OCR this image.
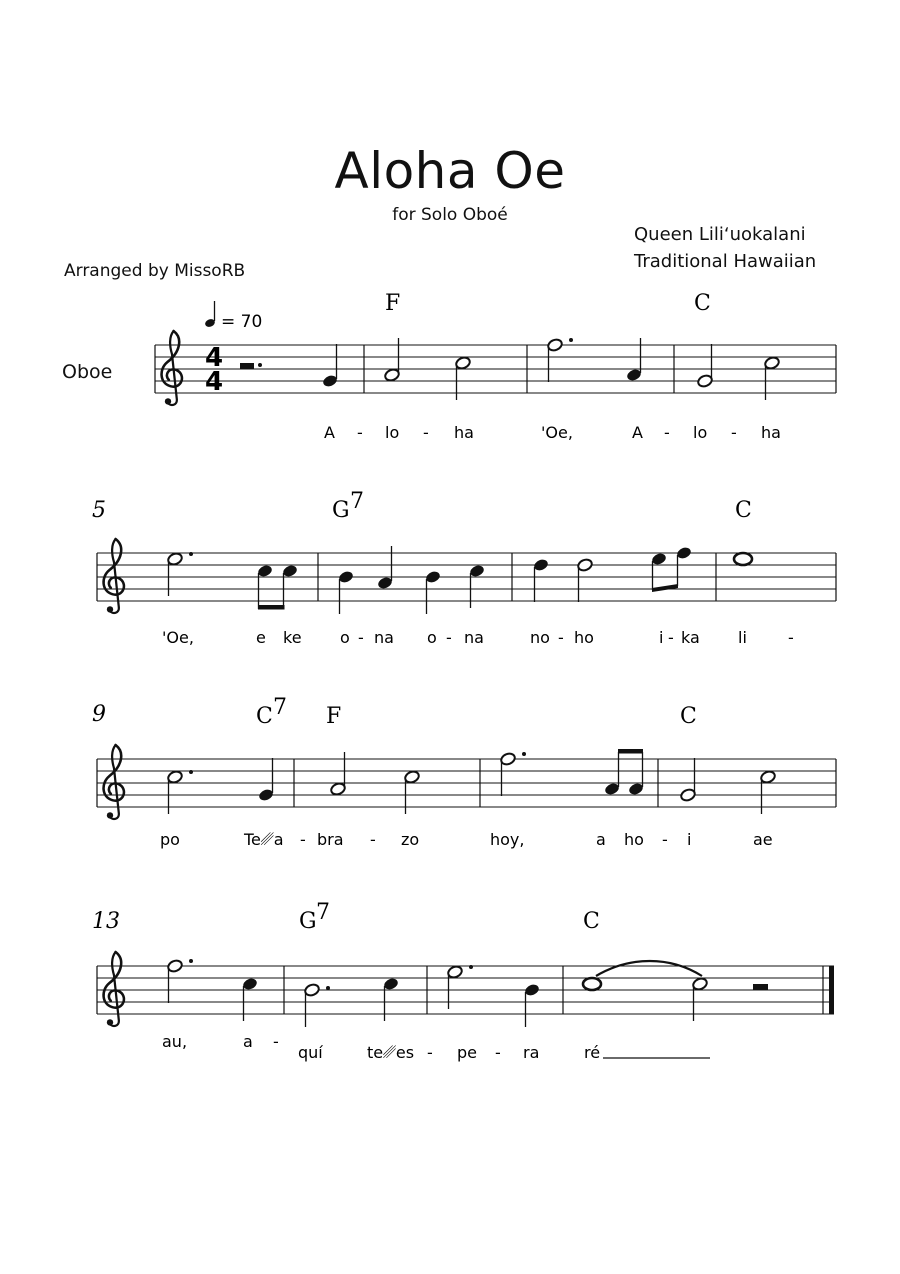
Aloha Oe
for Solo Oboé
Queen Liliʻuokalani
Traditional Hawaiian
Arranged by MissoRB
Oboe
= 70
4
4
F	C
A - lo - ha	'Oe,	A - lo - ha
5	G 7	C
'Oe,	e ke o - na o - na	no - ho	i - ka li	-
9	C 7 F	C
po	Te␥a - bra - zo	hoy,	a ho - i	ae
13	G 7	C
au,	a -
quí	te␥es - pe - ra	ré
